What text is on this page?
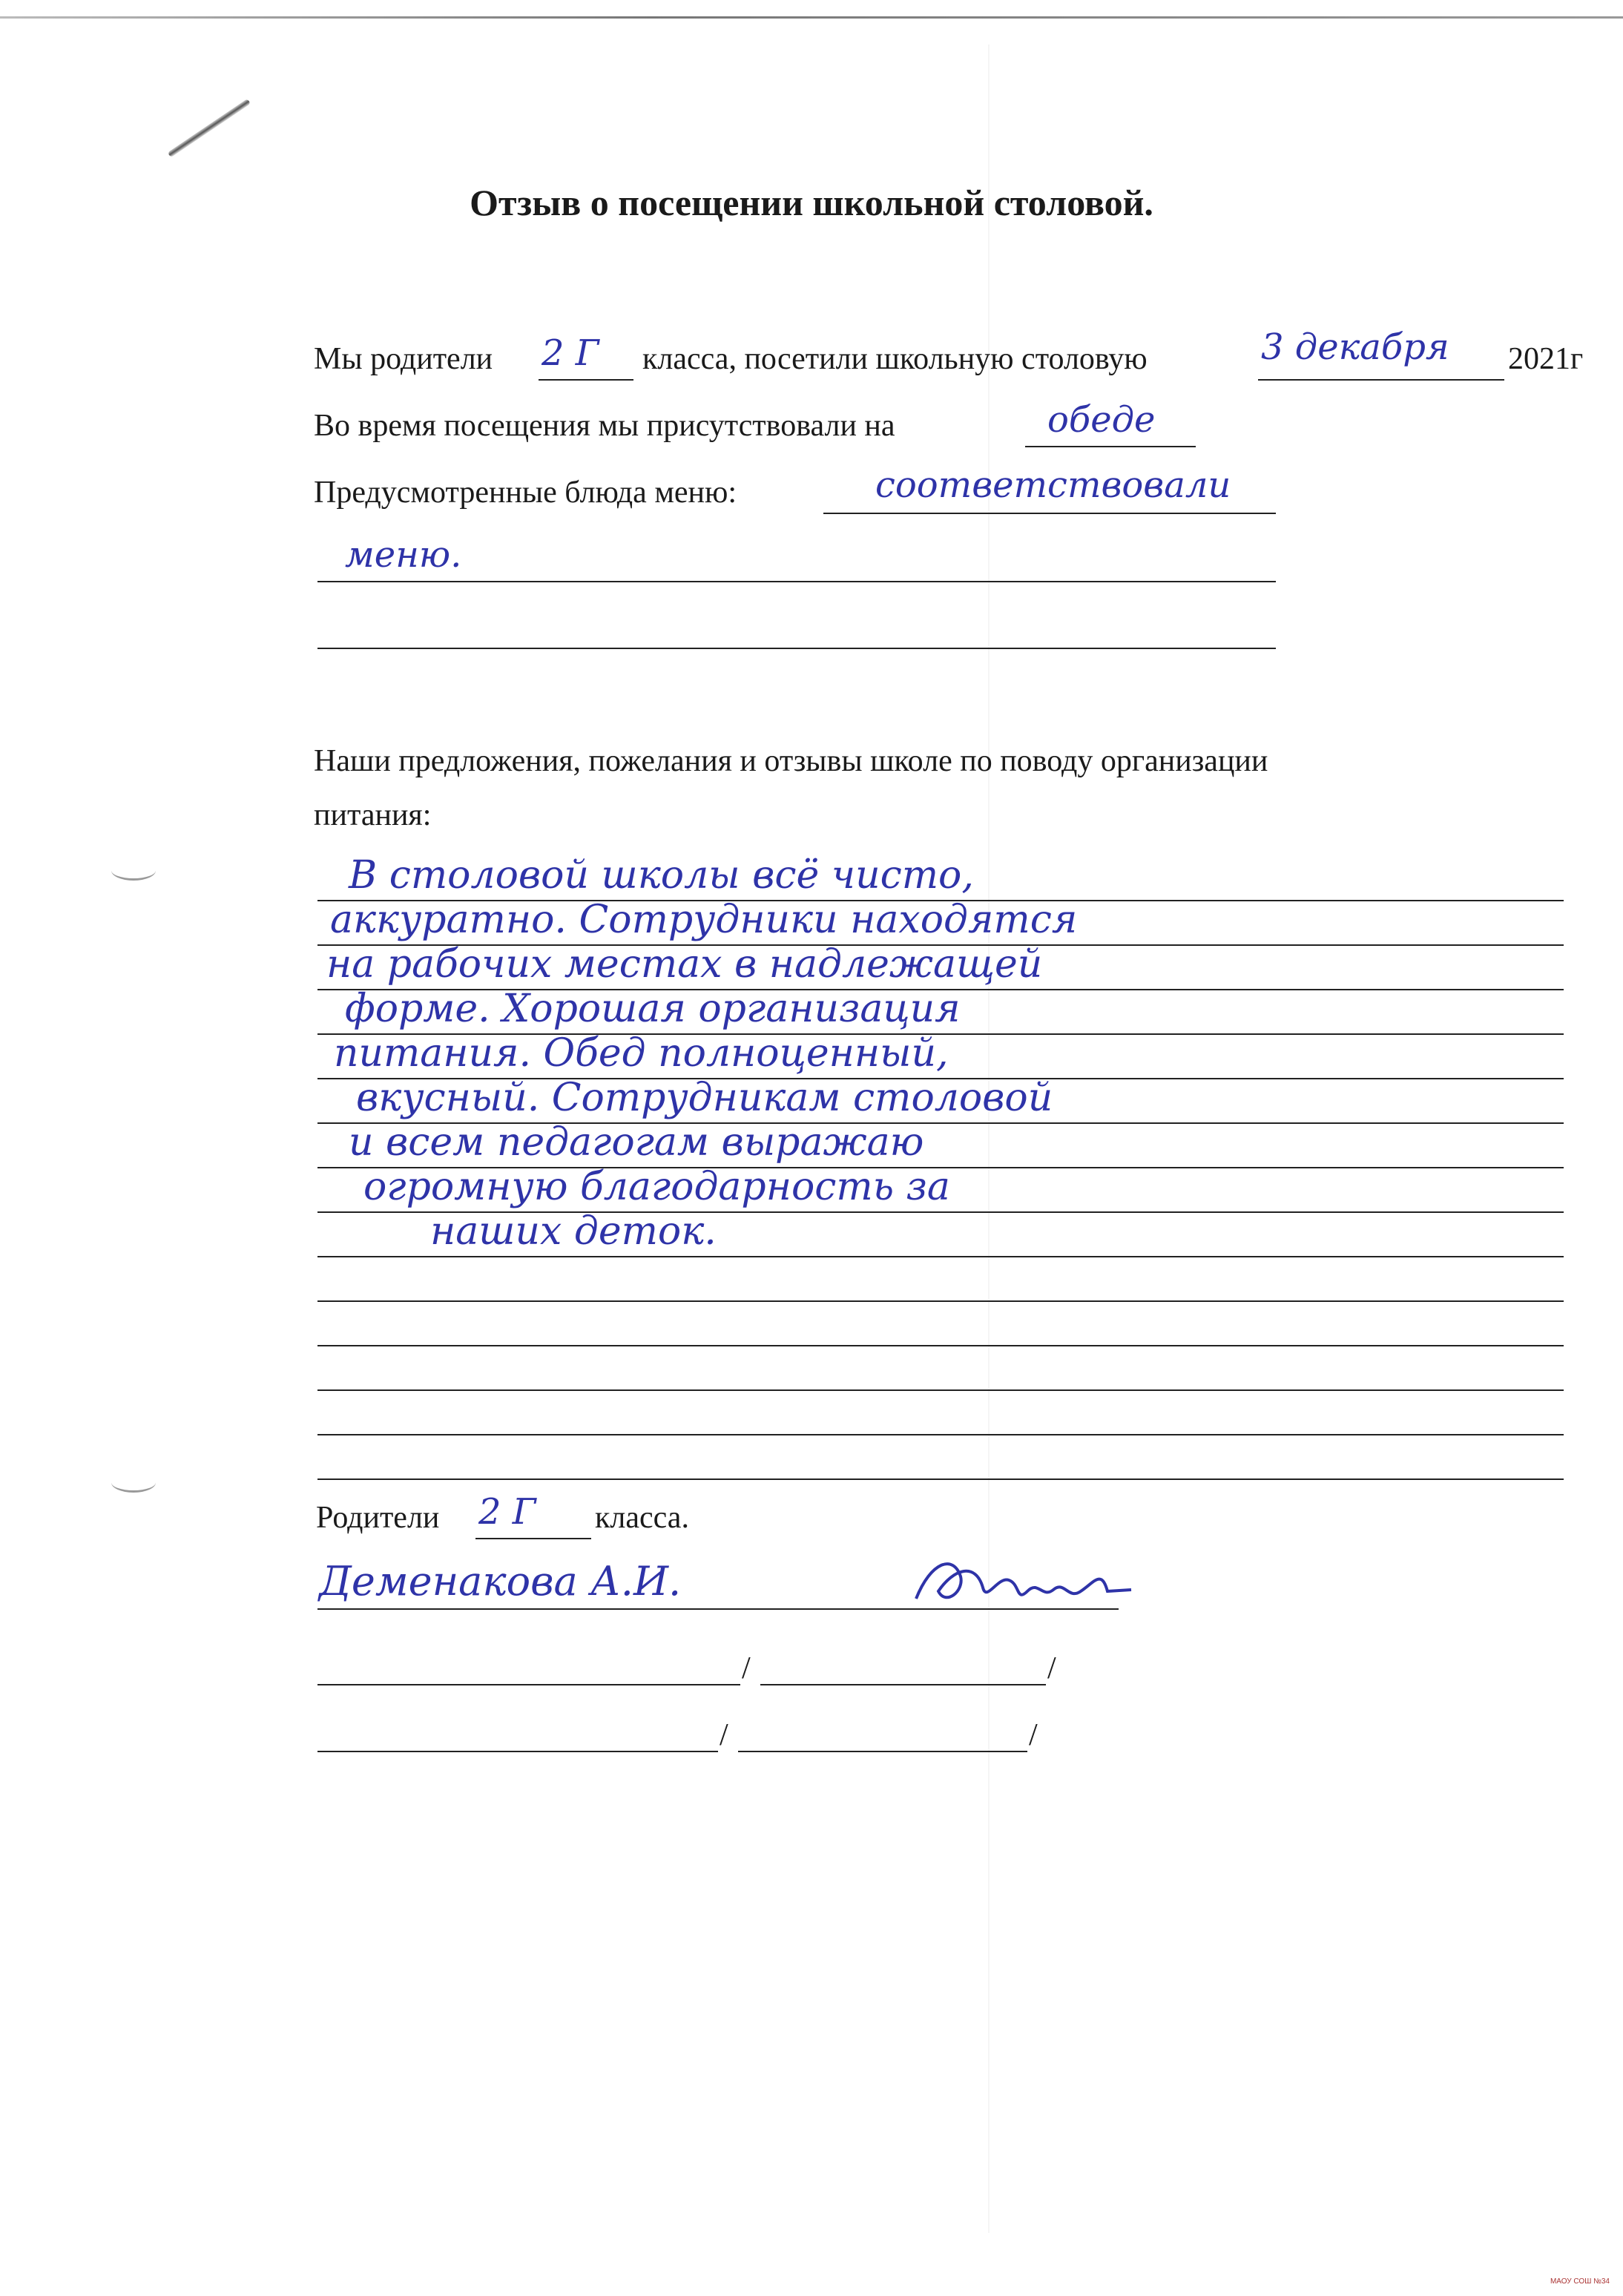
Отзыв о посещении школьной столовой.
Мы родители 2 Г класса, посетили школьную столовую	3 декабря 2021г
Во время посещения мы присутствовали на	обеде
Предусмотренные блюда меню:	соответствовали
меню.
Наши предложения, пожелания и отзывы школе по поводу организации
питания:
В столовой школы всё чисто,
аккуратно. Сотрудники находятся
на рабочих местах в надлежащей
форме. Хорошая организация
питания. Обед полноценный,
вкусный. Сотрудникам столовой
и всем педагогам выражаю
огромную благодарность за
наших деток.
Родители 2 Г класса.
Деменакова А.И.
/	/
/	/
МАОУ СОШ №34
